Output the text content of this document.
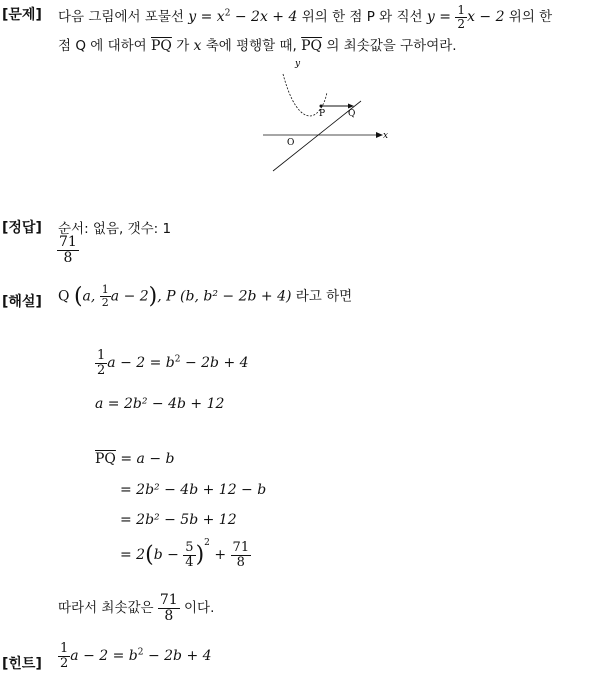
[문제] 다음 그림에서 포물선 $y = x^2 - 2x + 4$ 위의 한 점 P 와 직선 $y = \frac{1}{2}$ x − 2 위의 한
점 Q 에 대하여 $\overline{PQ}$ 가 x 축에 평행할 때, $\overline{PQ}$ 의 최솟값을 구하여라.
y
x
O
P	Q
[정답] 순서: 없음, 갯수: 1
$\frac{71}{8}$
[해설] Q (a, $\frac{1}{2}$ a − 2), P (b, b² − 2b + 4) 라고 하면
$\frac{1}{2}$ $a - 2 = b^2 - 2b + 4$
a = 2b² − 4b + 12
$\overline{PQ} = a - b$
= 2b² − 4b + 12 − b
= 2b² − 5b + 12
= $2(b - \frac{5}{4} )^2 + \frac{71}{8}$
따라서 최솟값은 $\frac{71}{8}$ 이다.
[힌트] $\frac{1}{2}$ $a - 2 = b^2 - 2b + 4$
